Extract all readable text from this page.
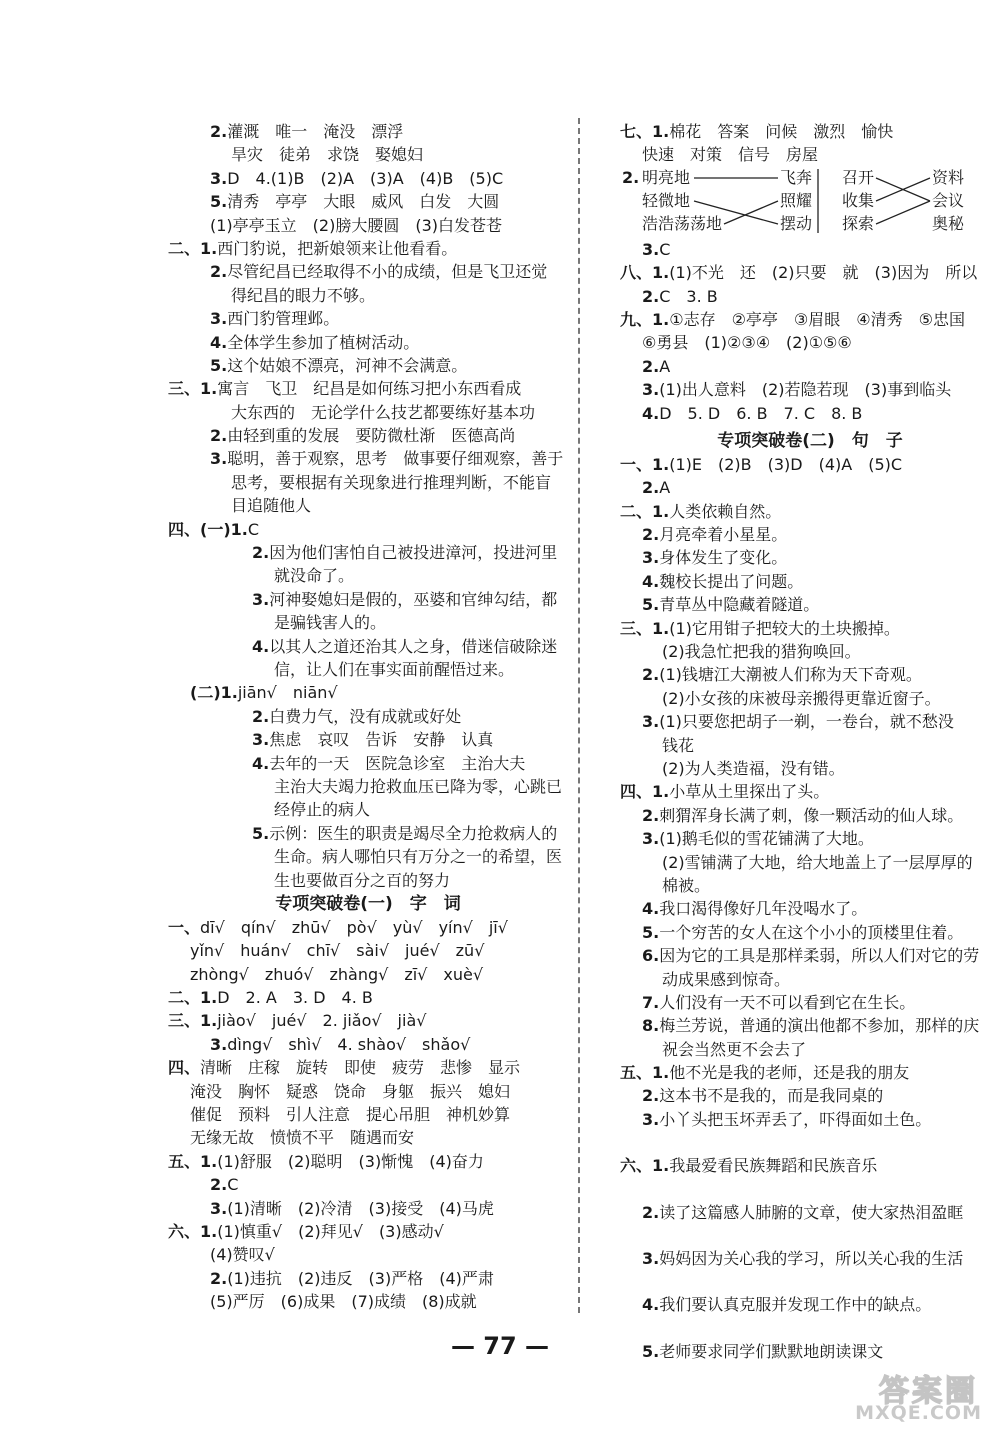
2.灌溉　唯一　淹没　漂浮
旱灾　徒弟　求饶　娶媳妇
3.D　4.(1)B　(2)A　(3)A　(4)B　(5)C
5.清秀　亭亭　大眼　威风　白发　大圆
(1)亭亭玉立　(2)膀大腰圆　(3)白发苍苍
二、1.西门豹说，把新娘领来让他看看。
2.尽管纪昌已经取得不小的成绩，但是飞卫还觉
得纪昌的眼力不够。
3.西门豹管理邺。
4.全体学生参加了植树活动。
5.这个姑娘不漂亮，河神不会满意。
三、1.寓言　飞卫　纪昌是如何练习把小东西看成
大东西的　无论学什么技艺都要练好基本功
2.由轻到重的发展　要防微杜渐　医德高尚
3.聪明，善于观察，思考　做事要仔细观察，善于
思考，要根据有关现象进行推理判断，不能盲
目追随他人
四、(一)1.C
2.因为他们害怕自己被投进漳河，投进河里
就没命了。
3.河神娶媳妇是假的，巫婆和官绅勾结，都
是骗钱害人的。
4.以其人之道还治其人之身，借迷信破除迷
信，让人们在事实面前醒悟过来。
(二)1.jiān√　niān√
2.白费力气，没有成就或好处
3.焦虑　哀叹　告诉　安静　认真
4.去年的一天　医院急诊室　主治大夫
主治大夫竭力抢救血压已降为零，心跳已
经停止的病人
5.示例：医生的职责是竭尽全力抢救病人的
生命。病人哪怕只有万分之一的希望，医
生也要做百分之百的努力
专项突破卷(一)　字　词
一、dī√　qín√　zhū√　pò√　yù√　yín√　jī√
yǐn√　huán√　chī√　sài√　jué√　zū√
zhòng√　zhuó√　zhàng√　zī√　xuè√
二、1.D　2. A　3. D　4. B
三、1.jiào√　jué√　2. jiǎo√　jià√
3.dìng√　shì√　4. shào√　shǎo√
四、清晰　庄稼　旋转　即使　疲劳　悲惨　显示
淹没　胸怀　疑惑　饶命　身躯　振兴　媳妇
催促　预料　引人注意　提心吊胆　神机妙算
无缘无故　愤愤不平　随遇而安
五、1.(1)舒服　(2)聪明　(3)惭愧　(4)奋力
2.C
3.(1)清晰　(2)冷清　(3)接受　(4)马虎
六、1.(1)慎重√　(2)拜见√　(3)感动√
(4)赞叹√
2.(1)违抗　(2)违反　(3)严格　(4)严肃
(5)严厉　(6)成果　(7)成绩　(8)成就
七、1.棉花　答案　问候　激烈　愉快
快速　对策　信号　房屋
2. 明亮地
轻微地
浩浩荡荡地
飞奔
照耀
摆动
召开
收集
探索
资料
会议
奥秘
3.C
八、1.(1)不光　还　(2)只要　就　(3)因为　所以
2.C　3. B
九、1.①志存　②亭亭　③眉眼　④清秀　⑤忠国
⑥勇县　(1)②③④　(2)①⑤⑥
2.A
3.(1)出人意料　(2)若隐若现　(3)事到临头
4.D　5. D　6. B　7. C　8. B
专项突破卷(二)　句　子
一、1.(1)E　(2)B　(3)D　(4)A　(5)C
2.A
二、1.人类依赖自然。
2.月亮牵着小星星。
3.身体发生了变化。
4.魏校长提出了问题。
5.青草丛中隐藏着隧道。
三、1.(1)它用钳子把较大的土块搬掉。
(2)我急忙把我的猎狗唤回。
2.(1)钱塘江大潮被人们称为天下奇观。
(2)小女孩的床被母亲搬得更靠近窗子。
3.(1)只要您把胡子一剃，一卷台，就不愁没
钱花
(2)为人类造福，没有错。
四、1.小草从土里探出了头。
2.刺猬浑身长满了刺，像一颗活动的仙人球。
3.(1)鹅毛似的雪花铺满了大地。
(2)雪铺满了大地，给大地盖上了一层厚厚的
棉被。
4.我口渴得像好几年没喝水了。
5.一个穷苦的女人在这个小小的顶楼里住着。
6.因为它的工具是那样柔弱，所以人们对它的劳
动成果感到惊奇。
7.人们没有一天不可以看到它在生长。
8.梅兰芳说，普通的演出他都不参加，那样的庆
祝会当然更不会去了
五、1.他不光是我的老师，还是我的朋友
2.这本书不是我的，而是我同桌的
3.小丫头把玉坏弄丢了，吓得面如土色。
六、1.我最爱看民族舞蹈和民族音乐
2.读了这篇感人肺腑的文章，使大家热泪盈眶
3.妈妈因为关心我的学习，所以关心我的生活
4.我们要认真克服并发现工作中的缺点。
5.老师要求同学们默默地朗读课文
— 77 —
答案圈
MXQE.COM
